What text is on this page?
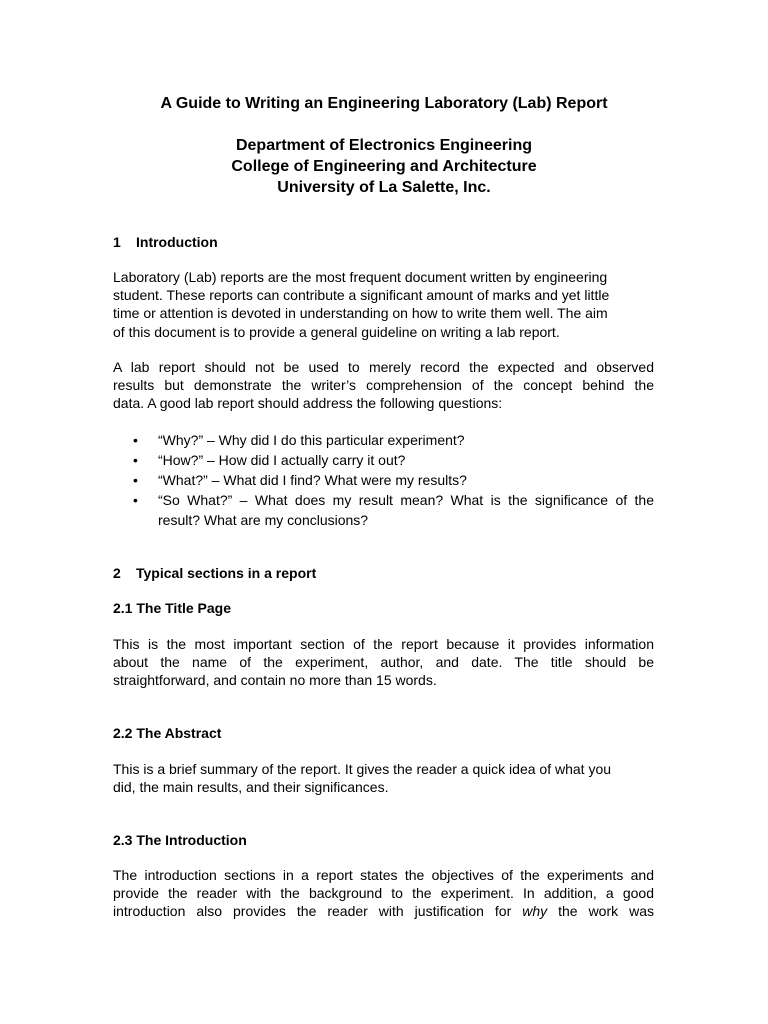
A Guide to Writing an Engineering Laboratory (Lab) Report
Department of Electronics Engineering
College of Engineering and Architecture
University of La Salette, Inc.
1 Introduction

Laboratory (Lab) reports are the most frequent document written by engineering
student. These reports can contribute a significant amount of marks and yet little
time or attention is devoted in understanding on how to write them well. The aim
of this document is to provide a general guideline on writing a lab report.

A lab report should not be used to merely record the expected and observed
results but demonstrate the writer’s comprehension of the concept behind the
data. A good lab report should address the following questions:

• “Why?” – Why did I do this particular experiment?
• “How?” – How did I actually carry it out?
• “What?” – What did I find? What were my results?
• “So What?” – What does my result mean? What is the significance of the
result? What are my conclusions?
2 Typical sections in a report
2.1 The Title Page

This is the most important section of the report because it provides information
about the name of the experiment, author, and date. The title should be
straightforward, and contain no more than 15 words.

2.2 The Abstract

This is a brief summary of the report. It gives the reader a quick idea of what you
did, the main results, and their significances.

2.3 The Introduction

The introduction sections in a report states the objectives of the experiments and
provide the reader with the background to the experiment. In addition, a good
introduction also provides the reader with justification for why the work was
